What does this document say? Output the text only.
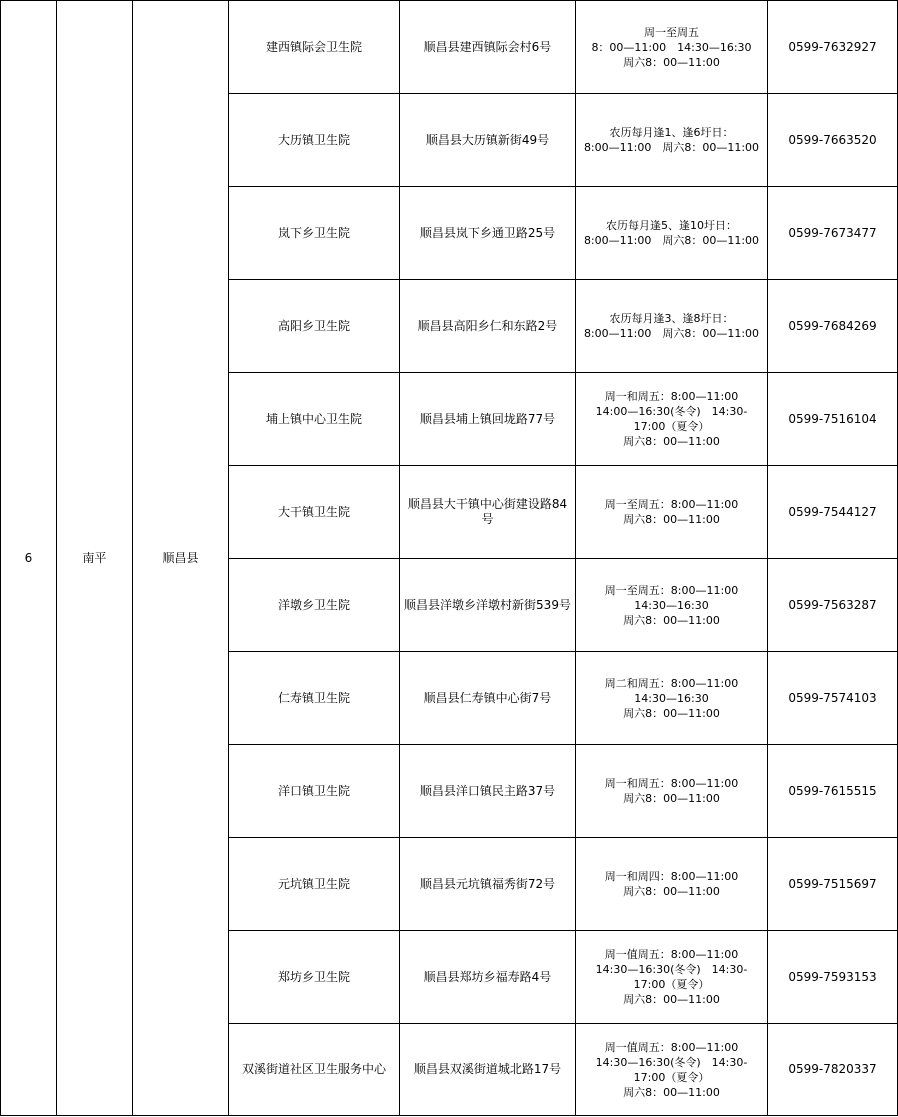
6	南平	顺昌县	建西镇际会卫生院	顺昌县建西镇际会村6号	周一至周五
8：00—11:00　14:30—16:30
周六8：00—11:00	0599-7632927
			大历镇卫生院	顺昌县大历镇新街49号	农历每月逢1、逢6圩日：
8:00—11:00　周六8：00—11:00	0599-7663520
			岚下乡卫生院	顺昌县岚下乡通卫路25号	农历每月逢5、逢10圩日：
8:00—11:00　周六8：00—11:00	0599-7673477
			高阳乡卫生院	顺昌县高阳乡仁和东路2号	农历每月逢3、逢8圩日：
8:00—11:00　周六8：00—11:00	0599-7684269
			埔上镇中心卫生院	顺昌县埔上镇回垅路77号	周一和周五：8:00—11:00
14:00—16:30(冬令)　14:30-
17:00（夏令）
周六8：00—11:00	0599-7516104
			大干镇卫生院	顺昌县大干镇中心街建设路84号	周一至周五：8:00—11:00
周六8：00—11:00	0599-7544127
			洋墩乡卫生院	顺昌县洋墩乡洋墩村新街539号	周一至周五：8:00—11:00
14:30—16:30
周六8：00—11:00	0599-7563287
			仁寿镇卫生院	顺昌县仁寿镇中心街7号	周二和周五：8:00—11:00
14:30—16:30
周六8：00—11:00	0599-7574103
			洋口镇卫生院	顺昌县洋口镇民主路37号	周一和周五：8:00—11:00
周六8：00—11:00	0599-7615515
			元坑镇卫生院	顺昌县元坑镇福秀街72号	周一和周四：8:00—11:00
周六8：00—11:00	0599-7515697
			郑坊乡卫生院	顺昌县郑坊乡福寿路4号	周一值周五：8:00—11:00
14:30—16:30(冬令)　14:30-
17:00（夏令）
周六8：00—11:00	0599-7593153
			双溪街道社区卫生服务中心	顺昌县双溪街道城北路17号	周一值周五：8:00—11:00
14:30—16:30(冬令)　14:30-
17:00（夏令）
周六8：00—11:00	0599-7820337
